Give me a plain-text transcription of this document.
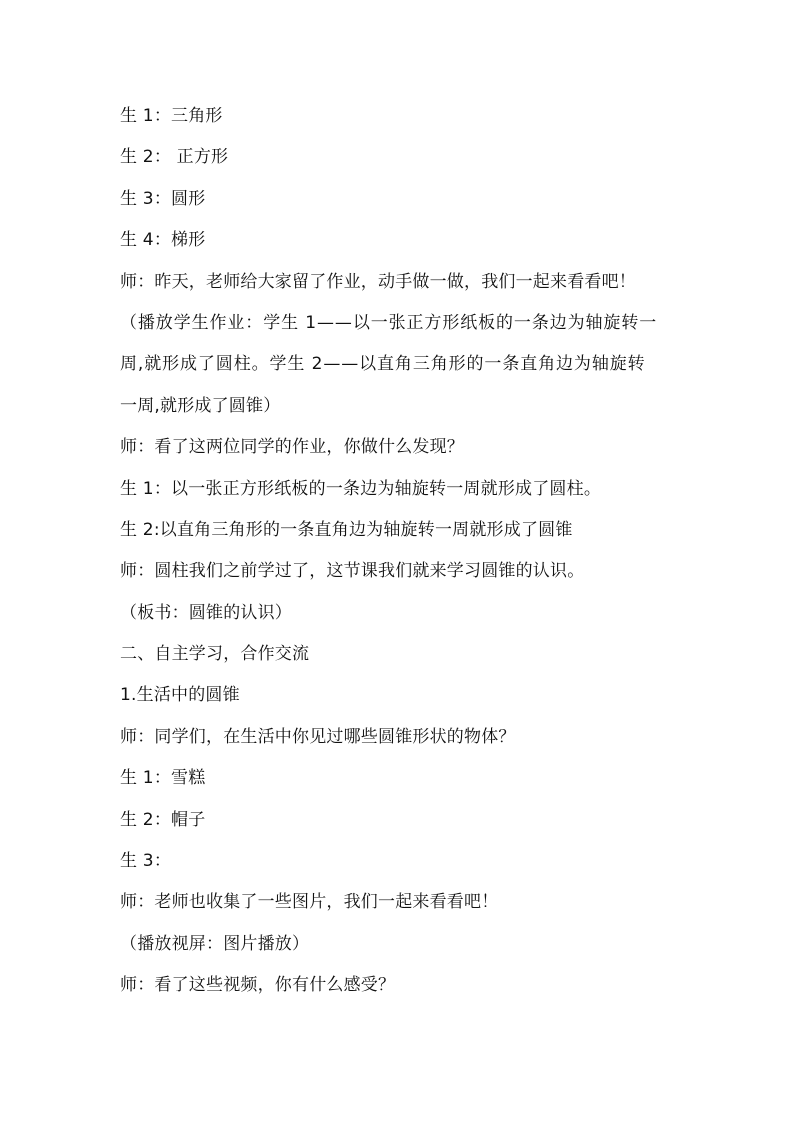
生 1：三角形
生 2： 正方形
生 3：圆形
生 4：梯形
师：昨天，老师给大家留了作业，动手做一做，我们一起来看看吧！
（播放学生作业：学生 1——以一张正方形纸板的一条边为轴旋转一
周,就形成了圆柱。学生 2——以直角三角形的一条直角边为轴旋转
一周,就形成了圆锥）
师：看了这两位同学的作业，你做什么发现？
生 1：以一张正方形纸板的一条边为轴旋转一周就形成了圆柱。
生 2:以直角三角形的一条直角边为轴旋转一周就形成了圆锥
师：圆柱我们之前学过了，这节课我们就来学习圆锥的认识。
（板书：圆锥的认识）
二、自主学习，合作交流
1.生活中的圆锥
师：同学们，在生活中你见过哪些圆锥形状的物体？
生 1：雪糕
生 2：帽子
生 3：
师：老师也收集了一些图片，我们一起来看看吧！
（播放视屏：图片播放）
师：看了这些视频，你有什么感受？
